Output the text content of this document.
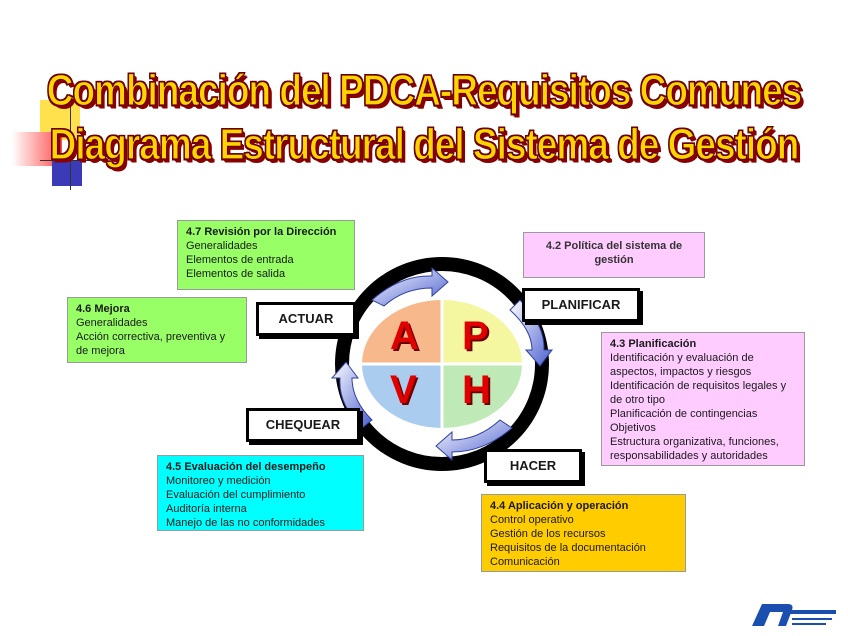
Combinación del PDCA-Requisitos Comunes
Diagrama Estructural del Sistema de Gestión
A P
V H
ACTUAR
PLANIFICAR
CHEQUEAR
HACER
4.7 Revisión por la Dirección
Generalidades
Elementos de entrada
Elementos de salida
4.6 Mejora
Generalidades
Acción correctiva, preventiva y
de mejora
4.2 Política del sistema de gestión
4.3 Planificación
Identificación y evaluación de
aspectos, impactos y riesgos
Identificación de requisitos legales y
de otro tipo
Planificación de contingencias
Objetivos
Estructura organizativa, funciones,
responsabilidades y autoridades
4.5 Evaluación del desempeño
Monitoreo y medición
Evaluación del cumplimiento
Auditoría interna
Manejo de las no conformidades
4.4 Aplicación y operación
Control operativo
Gestión de los recursos
Requisitos de la documentación
Comunicación
